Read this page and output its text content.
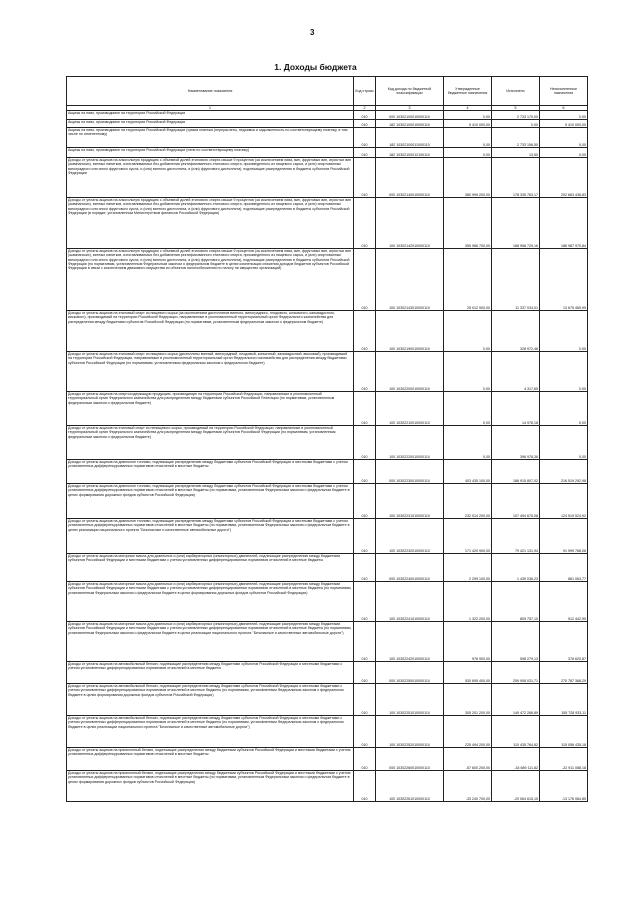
3
1. Доходы бюджета
Наименование показателя	Код строки	Код дохода по бюджетной классификации	Утвержденные бюджетные назначения	Исполнено	Неисполненные назначения
1	2	3	4	5	6
Акцизы на пиво, производимое на территории Российской Федерации	010	000 10302100010000110	0,00	2 733 170,00	0,00
Акцизы на пиво, производимое на территории Российской Федерации	010	182 10302100010000110	5 410 000,00	0,00	5 410 000,00
Акцизы на пиво, производимое на территории Российской Федерации (сумма платежа (перерасчеты, недоимка и задолженность по соответствующему платежу, в том числе по отмененному)	010	182 10302100011000110	0,00	2 733 156,50	0,00
Акцизы на пиво, производимое на территории Российской Федерации (пени по соответствующему платежу)	010	182 10302100012100110	0,00	13,50	0,00
Доходы от уплаты акцизов на алкогольную продукцию с объемной долей этилового спирта свыше 9 процентов (за исключением пива, вин, фруктовых вин, игристых вин (шампанских), винных напитков, изготавливаемых без добавления ректификованного этилового спирта, произведенного из пищевого сырья, и (или) спиртованных виноградного или иного фруктового сусла, и (или) винного дистиллята, и (или) фруктового дистиллята), подлежащие распределению в бюджеты субъектов Российской Федерации	010	000 10302140010000110	380 999 200,00	178 335 763,17	202 663 436,83
Доходы от уплаты акцизов на алкогольную продукцию с объемной долей этилового спирта свыше 9 процентов (за исключением пива, вин, фруктовых вин, игристых вин (шампанских), винных напитков, изготавливаемых без добавления ректификованного этилового спирта, произведенного из пищевого сырья, и (или) спиртованных виноградного или иного фруктового сусла, и (или) винного дистиллята, и (или) фруктового дистиллята), подлежащие распределению в бюджеты субъектов Российской Федерации (в порядке, установленном Министерством финансов Российской Федерации)	010	100 10302142010000110	355 986 700,00	168 958 729,16	186 987 970,84
Доходы от уплаты акцизов на алкогольную продукцию с объемной долей этилового спирта свыше 9 процентов (за исключением пива, вин, фруктовых вин, игристых вин (шампанских), винных напитков, изготавливаемых без добавления ректификованного этилового спирта, произведенного из пищевого сырья, и (или) спиртованных виноградного или иного фруктового сусла, и (или) винного дистиллята, и (или) фруктового дистиллята), подлежащие распределению в бюджеты субъектов Российской Федерации (по нормативам, установленным Федеральным законом о федеральном бюджете в целях компенсации снижения доходов бюджетов субъектов Российской Федерации в связи с исключением движимого имущества из объектов налогообложения по налогу на имущество организаций)	010	100 10302143010000110	25 012 500,00	11 337 034,01	13 675 465,99
Доходы от уплаты акцизов на этиловый спирт из пищевого сырья (за исключением дистиллятов винного, виноградного, плодового, коньячного, кальвадосного, вискового), производимый на территории Российской Федерации, направляемые в уполномоченный территориальный орган Федерального казначейства для распределения между бюджетами субъектов Российской Федерации (по нормативам, установленным федеральным законом о федеральном бюджете)	010	100 10302190010000110	0,00	328 972,46	0,00
Доходы от уплаты акцизов на этиловый спирт из пищевого сырья (дистилляты винный, виноградный, плодовый, коньячный, кальвадосный, висковый), производимый на территории Российской Федерации, направляемые в уполномоченный территориальный орган Федерального казначейства для распределения между бюджетами субъектов Российской Федерации (по нормативам, установленным федеральным законом о федеральном бюджете)	010	100 10302200010000110	0,00	4 317,65	0,00
Доходы от уплаты акцизов на спиртосодержащую продукцию, производимую на территории Российской Федерации, направляемые в уполномоченный территориальный орган Федерального казначейства для распределения между бюджетами субъектов Российской Federации (по нормативам, установленным федеральным законом о федеральном бюджете)	010	100 10302210010000110	0,00	14 976,18	0,00
Доходы от уплаты акцизов на этиловый спирт из непищевого сырья, производимый на территории Российской Федерации, направляемые в уполномоченный территориальный орган Федерального казначейства для распределения между бюджетами субъектов Российской Федерации (по нормативам, установленным федеральным законом о федеральном бюджете)	010	100 10302220010000110	0,00	396 978,36	0,00
Доходы от уплаты акцизов на дизельное топливо, подлежащие распределению между бюджетами субъектов Российской Федерации и местными бюджетами с учетом установленных дифференцированных нормативов отчислений в местные бюджеты	010	000 10302230010000110	403 435 100,00	186 915 807,02	216 519 292,98
Доходы от уплаты акцизов на дизельное топливо, подлежащие распределению между бюджетами субъектов Российской Федерации и местными бюджетами с учетом установленных дифференцированных нормативов отчислений в местные бюджеты (по нормативам, установленным Федеральным законом о федеральном бюджете в целях формирования дорожных фондов субъектов Российской Федерации)	010	100 10302231010000110	232 014 200,00	107 494 675,08	124 519 524,92
Доходы от уплаты акцизов на дизельное топливо, подлежащие распределению между бюджетами субъектов Российской Федерации и местными бюджетами с учетом установленных дифференцированных нормативов отчислений в местные бюджеты (по нормативам, установленным Федеральным законом о федеральном бюджете в целях реализации национального проекта "Безопасные и качественные автомобильные дороги")	010	100 10302232010000110	171 420 900,00	79 421 131,94	91 999 768,06
Доходы от уплаты акцизов на моторные масла для дизельных и (или) карбюраторных (инжекторных) двигателей, подлежащие распределению между бюджетами субъектов Российской Федерации и местными бюджетами с учетом установленных дифференцированных нормативов отчислений в местные бюджеты	010	000 10302240010000110	2 299 100,00	1 439 036,23	861 063,77
Доходы от уплаты акцизов на моторные масла для дизельных и (или) карбюраторных (инжекторных) двигателей, подлежащие распределению между бюджетами субъектов Российской Федерации и местными бюджетами с учетом установленных дифференцированных нормативов отчислений в местные бюджеты (по нормативам, установленным Федеральным законом о федеральном бюджете в целях формирования дорожных фондов субъектов Российской Федерации)	010	100 10302241010000110	1 322 200,00	809 757,10	512 442,90
Доходы от уплаты акцизов на моторные масла для дизельных и (или) карбюраторных (инжекторных) двигателей, подлежащие распределению между бюджетами субъектов Российской Федерации и местными бюджетами с учетом установленных дифференцированных нормативов отчислений в местные бюджеты (по нормативам, установленным Федеральным законом о федеральном бюджете в целях реализации национального проекта "Безопасные и качественные автомобильные дороги")	010	100 10302242010000110	976 900,00	598 279,13	378 620,87
Доходы от уплаты акцизов на автомобильный бензин, подлежащие распределению между бюджетами субъектов Российской Федерации и местными бюджетами с учетом установленных дифференцированных нормативов отчислений в местные бюджеты	010	000 10302250010000110	530 695 400,00	259 908 031,71	270 787 368,29
Доходы от уплаты акцизов на автомобильный бензин, подлежащие распределению между бюджетами субъектов Российской Федерации и местными бюджетами с учетом установленных дифференцированных нормативов отчислений в местные бюджеты (по нормативам, установленным Федеральным законом о федеральном бюджете в целях формирования дорожных фондов субъектов Российской Федерации)	010	100 10302251010000110	305 201 200,00	149 472 266,89	155 728 933,11
Доходы от уплаты акцизов на автомобильный бензин, подлежащие распределению между бюджетами субъектов Российской Федерации и местными бюджетами с учетом установленных дифференцированных нормативов отчислений в местные бюджеты (по нормативам, установленным Федеральным законом о федеральном бюджете в целях реализации национального проекта "Безопасные и качественные автомобильные дороги")	010	100 10302252010000110	225 494 200,00	110 435 764,82	115 058 435,18
Доходы от уплаты акцизов на прямогонный бензин, подлежащие распределению между бюджетами субъектов Российской Федерации и местными бюджетами с учетом установленных дифференцированных нормативов отчислений в местные бюджеты	010	000 10302260010000110	-57 600 200,00	-34 689 111,82	-22 911 088,18
Доходы от уплаты акцизов на прямогонный бензин, подлежащие распределению между бюджетами субъектов Российской Федерации и местными бюджетами с учетом установленных дифференцированных нормативов отчислений в местные бюджеты (по нормативам, установленным Федеральным законом о федеральном бюджете в целях формирования дорожных фондов субъектов Российской Федерации)	010	100 10302261010000110	-33 240 700,00	-20 064 615,15	-13 176 084,85
